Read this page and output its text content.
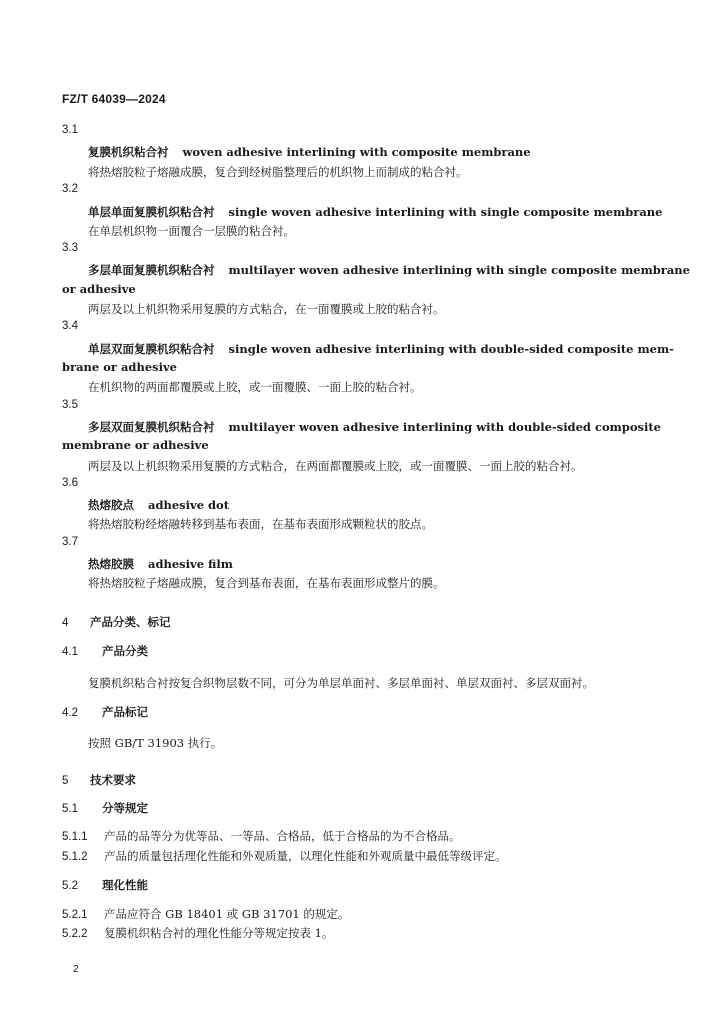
FZ/T 64039—2024
3.1
复膜机织粘合衬 woven adhesive interlining with composite membrane
将热熔胶粒子熔融成膜，复合到经树脂整理后的机织物上而制成的粘合衬。
3.2
单层单面复膜机织粘合衬 single woven adhesive interlining with single composite membrane
在单层机织物一面覆合一层膜的粘合衬。
3.3
多层单面复膜机织粘合衬 multilayer woven adhesive interlining with single composite membrane
or adhesive
两层及以上机织物采用复膜的方式粘合，在一面覆膜或上胶的粘合衬。
3.4
单层双面复膜机织粘合衬 single woven adhesive interlining with double-sided composite mem-
brane or adhesive
在机织物的两面都覆膜或上胶，或一面覆膜、一面上胶的粘合衬。
3.5
多层双面复膜机织粘合衬 multilayer woven adhesive interlining with double-sided composite
membrane or adhesive
两层及以上机织物采用复膜的方式粘合，在两面都覆膜或上胶，或一面覆膜、一面上胶的粘合衬。
3.6
热熔胶点 adhesive dot
将热熔胶粉经熔融转移到基布表面，在基布表面形成颗粒状的胶点。
3.7
热熔胶膜 adhesive film
将热熔胶粒子熔融成膜，复合到基布表面，在基布表面形成整片的膜。
4 产品分类、标记
4.1 产品分类
复膜机织粘合衬按复合织物层数不同，可分为单层单面衬、多层单面衬、单层双面衬、多层双面衬。
4.2 产品标记
按照 GB/T 31903 执行。
5 技术要求
5.1 分等规定
5.1.1 产品的品等分为优等品、一等品、合格品，低于合格品的为不合格品。
5.1.2 产品的质量包括理化性能和外观质量，以理化性能和外观质量中最低等级评定。
5.2 理化性能
5.2.1 产品应符合 GB 18401 或 GB 31701 的规定。
5.2.2 复膜机织粘合衬的理化性能分等规定按表 1。
2
